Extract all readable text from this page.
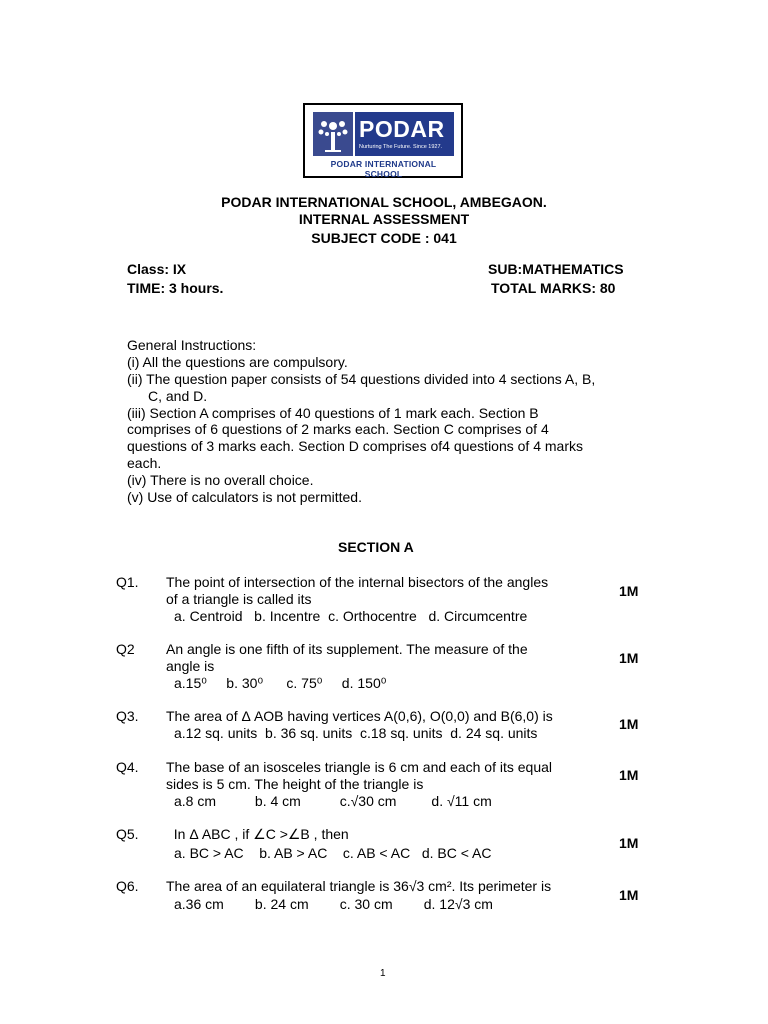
PODAR
Nurturing The Future. Since 1927.
PODAR INTERNATIONAL SCHOOL
PODAR INTERNATIONAL SCHOOL, AMBEGAON.
INTERNAL ASSESSMENT
SUBJECT CODE : 041
Class: IX	SUB:MATHEMATICS
TIME: 3 hours.	TOTAL MARKS: 80
General Instructions:
(i) All the questions are compulsory.
(ii) The question paper consists of 54 questions divided into 4 sections A, B,
C, and D.
(iii) Section A comprises of 40 questions of 1 mark each. Section B
comprises of 6 questions of 2 marks each. Section C comprises of 4
questions of 3 marks each. Section D comprises of4 questions of 4 marks
each.
(iv) There is no overall choice.
(v) Use of calculators is not permitted.
SECTION A
Q1. The point of intersection of the internal bisectors of the angles
of a triangle is called its
a. Centroid   b. Incentre  c. Orthocentre   d. Circumcentre
1M
Q2 An angle is one fifth of its supplement. The measure of the
angle is
a.15⁰     b. 30⁰      c. 75⁰     d. 150⁰
1M
Q3. The area of Δ AOB having vertices A(0,6), O(0,0) and B(6,0) is
a.12 sq. units  b. 36 sq. units  c.18 sq. units  d. 24 sq. units
1M
Q4. The base of an isosceles triangle is 6 cm and each of its equal
sides is 5 cm. The height of the triangle is
a.8 cm          b. 4 cm          c.√30 cm         d. √11 cm
1M
Q5. In Δ ABC , if ∠C >∠B , then
a. BC > AC    b. AB > AC    c. AB < AC   d. BC < AC
1M
Q6. The area of an equilateral triangle is 36√3 cm². Its perimeter is
a.36 cm        b. 24 cm        c. 30 cm        d. 12√3 cm
1M
1
